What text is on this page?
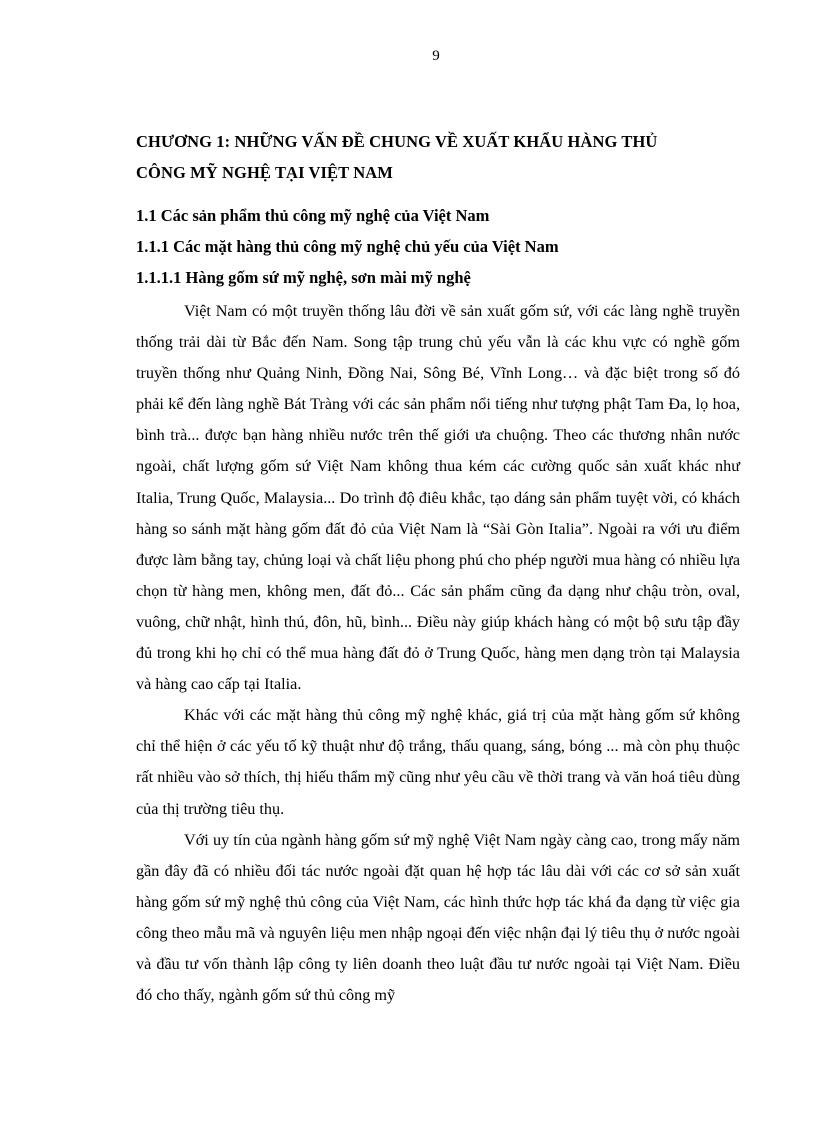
9
CHƯƠNG 1: NHỮNG VẤN ĐỀ CHUNG VỀ XUẤT KHẨU HÀNG THỦ
CÔNG MỸ NGHỆ TẠI VIỆT NAM
1.1 Các sản phẩm thủ công mỹ nghệ của Việt Nam
1.1.1 Các mặt hàng thủ công mỹ nghệ chủ yếu của Việt Nam
1.1.1.1 Hàng gốm sứ mỹ nghệ, sơn mài mỹ nghệ

Việt Nam có một truyền thống lâu đời về sản xuất gốm sứ, với các làng nghề truyền thống trải dài từ Bắc đến Nam. Song tập trung chủ yếu vẫn là các khu vực có nghề gốm truyền thống như Quảng Ninh, Đồng Nai, Sông Bé, Vĩnh Long… và đặc biệt trong số đó phải kể đến làng nghề Bát Tràng với các sản phẩm nổi tiếng như tượng phật Tam Đa, lọ hoa, bình trà... được bạn hàng nhiều nước trên thế giới ưa chuộng. Theo các thương nhân nước ngoài, chất lượng gốm sứ Việt Nam không thua kém các cường quốc sản xuất khác như Italia, Trung Quốc, Malaysia... Do trình độ điêu khắc, tạo dáng sản phẩm tuyệt vời, có khách hàng so sánh mặt hàng gốm đất đỏ của Việt Nam là “Sài Gòn Italia”. Ngoài ra với ưu điểm được làm bằng tay, chủng loại và chất liệu phong phú cho phép người mua hàng có nhiều lựa chọn từ hàng men, không men, đất đỏ... Các sản phẩm cũng đa dạng như chậu tròn, oval, vuông, chữ nhật, hình thú, đôn, hũ, bình... Điều này giúp khách hàng có một bộ sưu tập đầy đủ trong khi họ chỉ có thể mua hàng đất đỏ ở Trung Quốc, hàng men dạng tròn tại Malaysia và hàng cao cấp tại Italia.

Khác với các mặt hàng thủ công mỹ nghệ khác, giá trị của mặt hàng gốm sứ không chỉ thể hiện ở các yếu tố kỹ thuật như độ trắng, thấu quang, sáng, bóng ... mà còn phụ thuộc rất nhiều vào sở thích, thị hiếu thẩm mỹ cũng như yêu cầu về thời trang và văn hoá tiêu dùng của thị trường tiêu thụ.

Với uy tín của ngành hàng gốm sứ mỹ nghệ Việt Nam ngày càng cao, trong mấy năm gần đây đã có nhiều đối tác nước ngoài đặt quan hệ hợp tác lâu dài với các cơ sở sản xuất hàng gốm sứ mỹ nghệ thủ công của Việt Nam, các hình thức hợp tác khá đa dạng từ việc gia công theo mẫu mã và nguyên liệu men nhập ngoại đến việc nhận đại lý tiêu thụ ở nước ngoài và đầu tư vốn thành lập công ty liên doanh theo luật đầu tư nước ngoài tại Việt Nam. Điều đó cho thấy, ngành gốm sứ thủ công mỹ
